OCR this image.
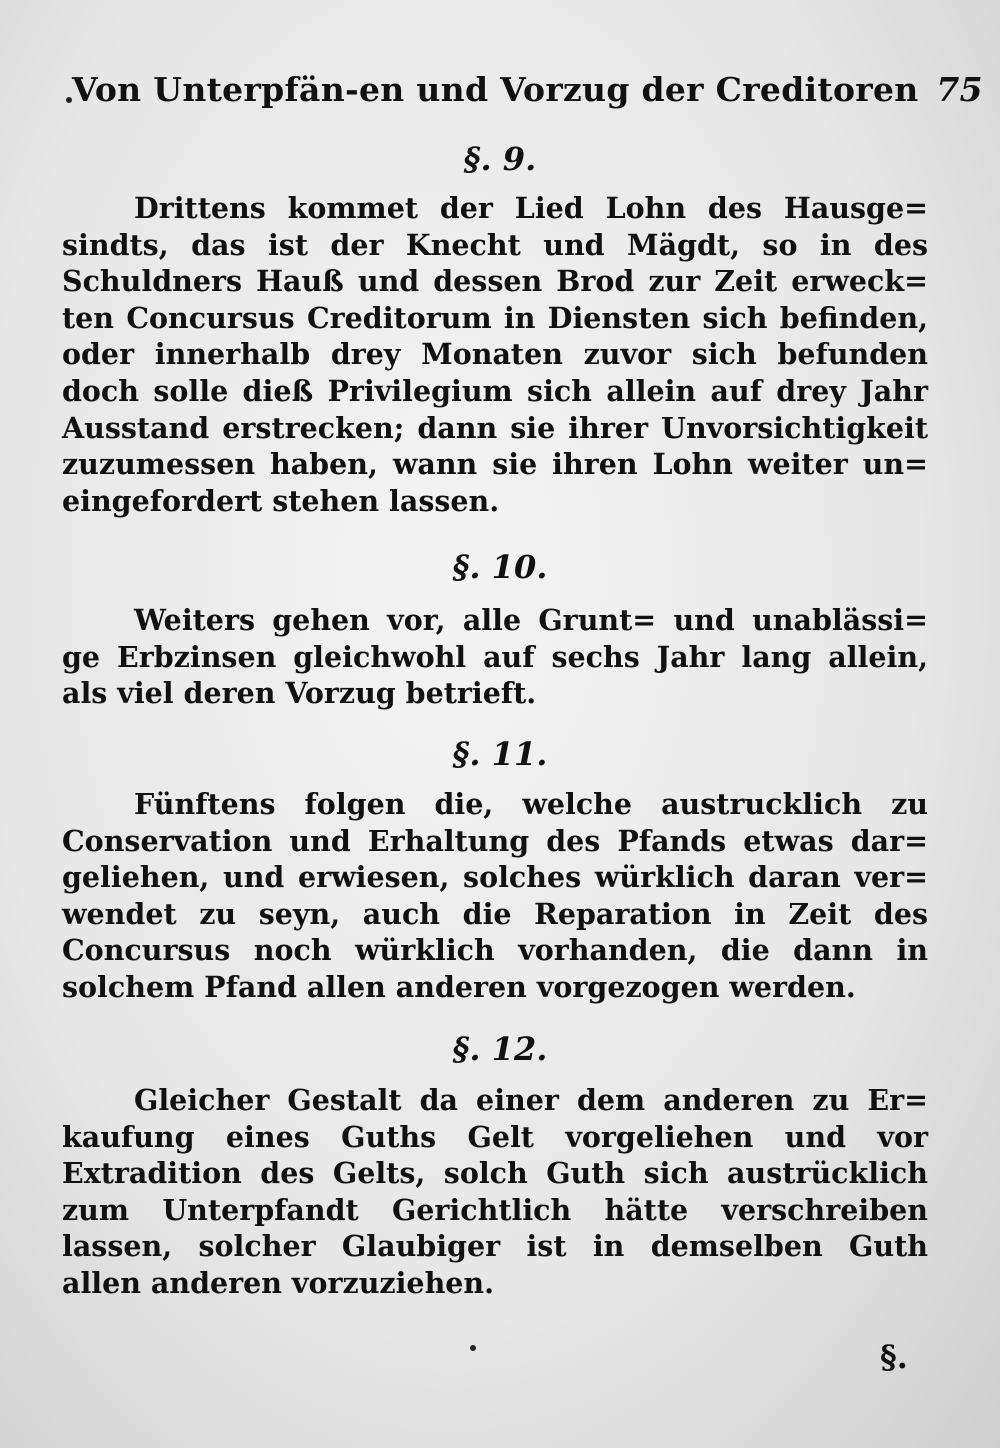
Von Unterpfän-en und Vorzug der Creditoren 75
§. 9.
Drittens kommet der Lied Lohn des Hausge=
sindts, das ist der Knecht und Mägdt, so in des
Schuldners Hauß und dessen Brod zur Zeit erweck=
ten Concursus Creditorum in Diensten sich befinden,
oder innerhalb drey Monaten zuvor sich befunden
doch solle dieß Privilegium sich allein auf drey Jahr
Ausstand erstrecken; dann sie ihrer Unvorsichtigkeit
zuzumessen haben, wann sie ihren Lohn weiter un=
eingefordert stehen lassen.
§. 10.
Weiters gehen vor, alle Grunt= und unablässi=
ge Erbzinsen gleichwohl auf sechs Jahr lang allein,
als viel deren Vorzug betrieft.
§. 11.
Fünftens folgen die, welche austrucklich zu
Conservation und Erhaltung des Pfands etwas dar=
geliehen, und erwiesen, solches würklich daran ver=
wendet zu seyn, auch die Reparation in Zeit des
Concursus noch würklich vorhanden, die dann in
solchem Pfand allen anderen vorgezogen werden.
§. 12.
Gleicher Gestalt da einer dem anderen zu Er=
kaufung eines Guths Gelt vorgeliehen und vor
Extradition des Gelts, solch Guth sich austrücklich
zum Unterpfandt Gerichtlich hätte verschreiben
lassen, solcher Glaubiger ist in demselben Guth
allen anderen vorzuziehen.
§.
